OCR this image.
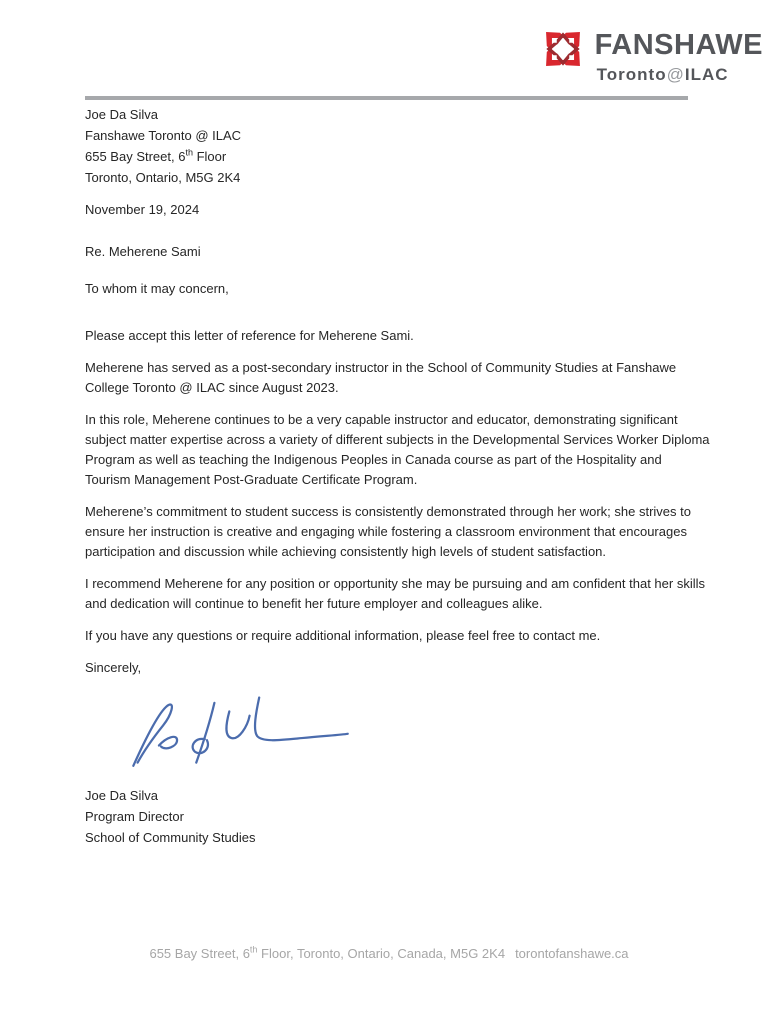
FANSHAWE
Toronto@ILAC
Joe Da Silva
Fanshawe Toronto @ ILAC
655 Bay Street, 6th Floor
Toronto, Ontario, M5G 2K4
November 19, 2024
Re. Meherene Sami
To whom it may concern,

Please accept this letter of reference for Meherene Sami.

Meherene has served as a post-secondary instructor in the School of Community Studies at Fanshawe College Toronto @ ILAC since August 2023.

In this role, Meherene continues to be a very capable instructor and educator, demonstrating significant subject matter expertise across a variety of different subjects in the Developmental Services Worker Diploma Program as well as teaching the Indigenous Peoples in Canada course as part of the Hospitality and Tourism Management Post-Graduate Certificate Program.

Meherene’s commitment to student success is consistently demonstrated through her work; she strives to ensure her instruction is creative and engaging while fostering a classroom environment that encourages participation and discussion while achieving consistently high levels of student satisfaction.

I recommend Meherene for any position or opportunity she may be pursuing and am confident that her skills and dedication will continue to benefit her future employer and colleagues alike.

If you have any questions or require additional information, please feel free to contact me.

Sincerely,
Joe Da Silva
Program Director
School of Community Studies
655 Bay Street, 6th Floor, Toronto, Ontario, Canada, M5G 2K4 torontofanshawe.ca
